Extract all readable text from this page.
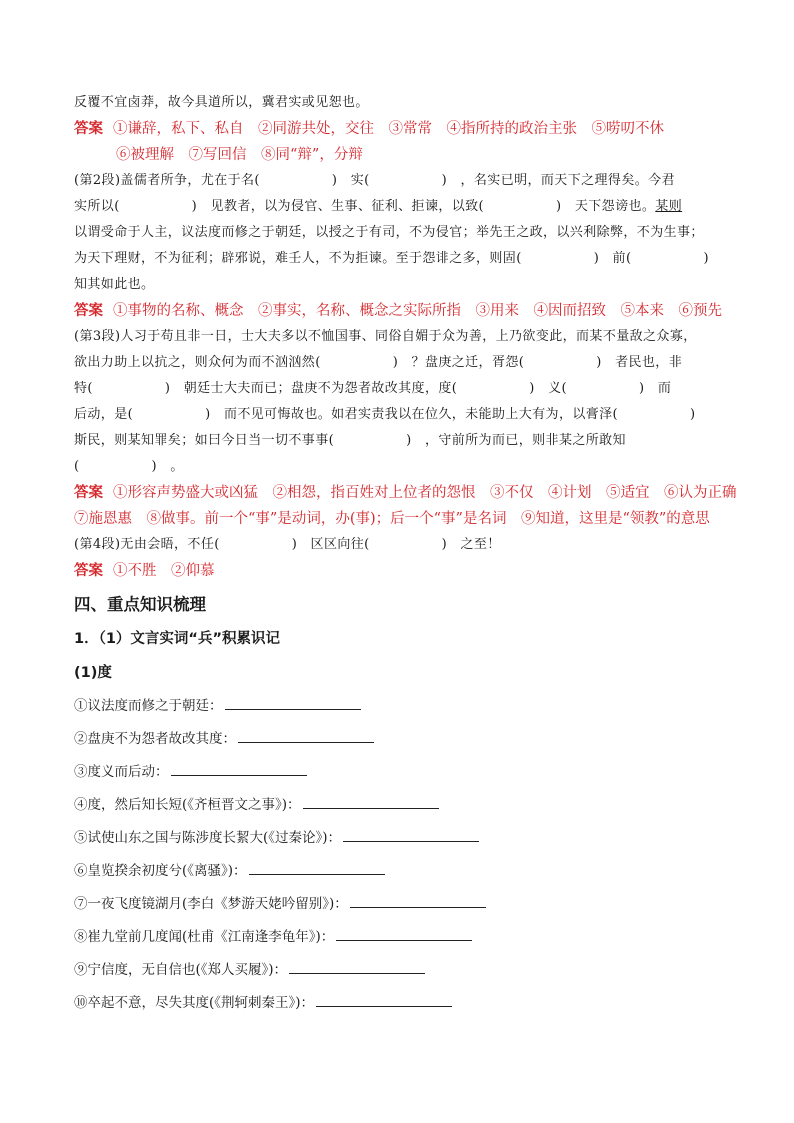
反覆不宜卤莽，故今具道所以，冀君实或见恕也。
答案 ①谦辞，私下、私自　②同游共处，交往　③常常　④指所持的政治主张　⑤唠叨不休
⑥被理解　⑦写回信　⑧同“辩”，分辩
(第2段)盖儒者所争，尤在于名(	)　实(	)　，名实已明，而天下之理得矣。今君
实所以(	)　见教者，以为侵官、生事、征利、拒谏，以致(	)　天下怨谤也。某则
以谓受命于人主，议法度而修之于朝廷，以授之于有司，不为侵官；举先王之政，以兴利除弊，不为生事；
为天下理财，不为征利；辟邪说，难壬人，不为拒谏。至于怨诽之多，则固(	)　前(	)
知其如此也。
答案 ①事物的名称、概念　②事实，名称、概念之实际所指　③用来　④因而招致　⑤本来　⑥预先
(第3段)人习于苟且非一日，士大夫多以不恤国事、同俗自媚于众为善，上乃欲变此，而某不量敌之众寡，
欲出力助上以抗之，则众何为而不汹汹然(	)　？盘庚之迁，胥怨(	)　者民也，非
特(	)　朝廷士大夫而已；盘庚不为怨者故改其度，度(	)　义(	)　而
后动，是(	)　而不见可悔故也。如君实责我以在位久，未能助上大有为，以膏泽(	)
斯民，则某知罪矣；如曰今日当一切不事事(	)　，守前所为而已，则非某之所敢知
(	)　。
答案 ①形容声势盛大或凶猛　②相怨，指百姓对上位者的怨恨　③不仅　④计划　⑤适宜　⑥认为正确
⑦施恩惠　⑧做事。前一个“事”是动词，办(事)；后一个“事”是名词　⑨知道，这里是“领教”的意思
(第4段)无由会晤，不任(	)　区区向往(	)　之至！
答案 ①不胜　②仰慕
四、重点知识梳理
1．（1）文言实词“兵”积累识记
(1)度
①议法度而修之于朝廷：
②盘庚不为怨者故改其度：
③度义而后动：
④度，然后知长短(《齐桓晋文之事》)：
⑤试使山东之国与陈涉度长絜大(《过秦论》)：
⑥皇览揆余初度兮(《离骚》)：
⑦一夜飞度镜湖月(李白《梦游天姥吟留别》)：
⑧崔九堂前几度闻(杜甫《江南逢李龟年》)：
⑨宁信度，无自信也(《郑人买履》)：
⑩卒起不意，尽失其度(《荆轲刺秦王》)：
